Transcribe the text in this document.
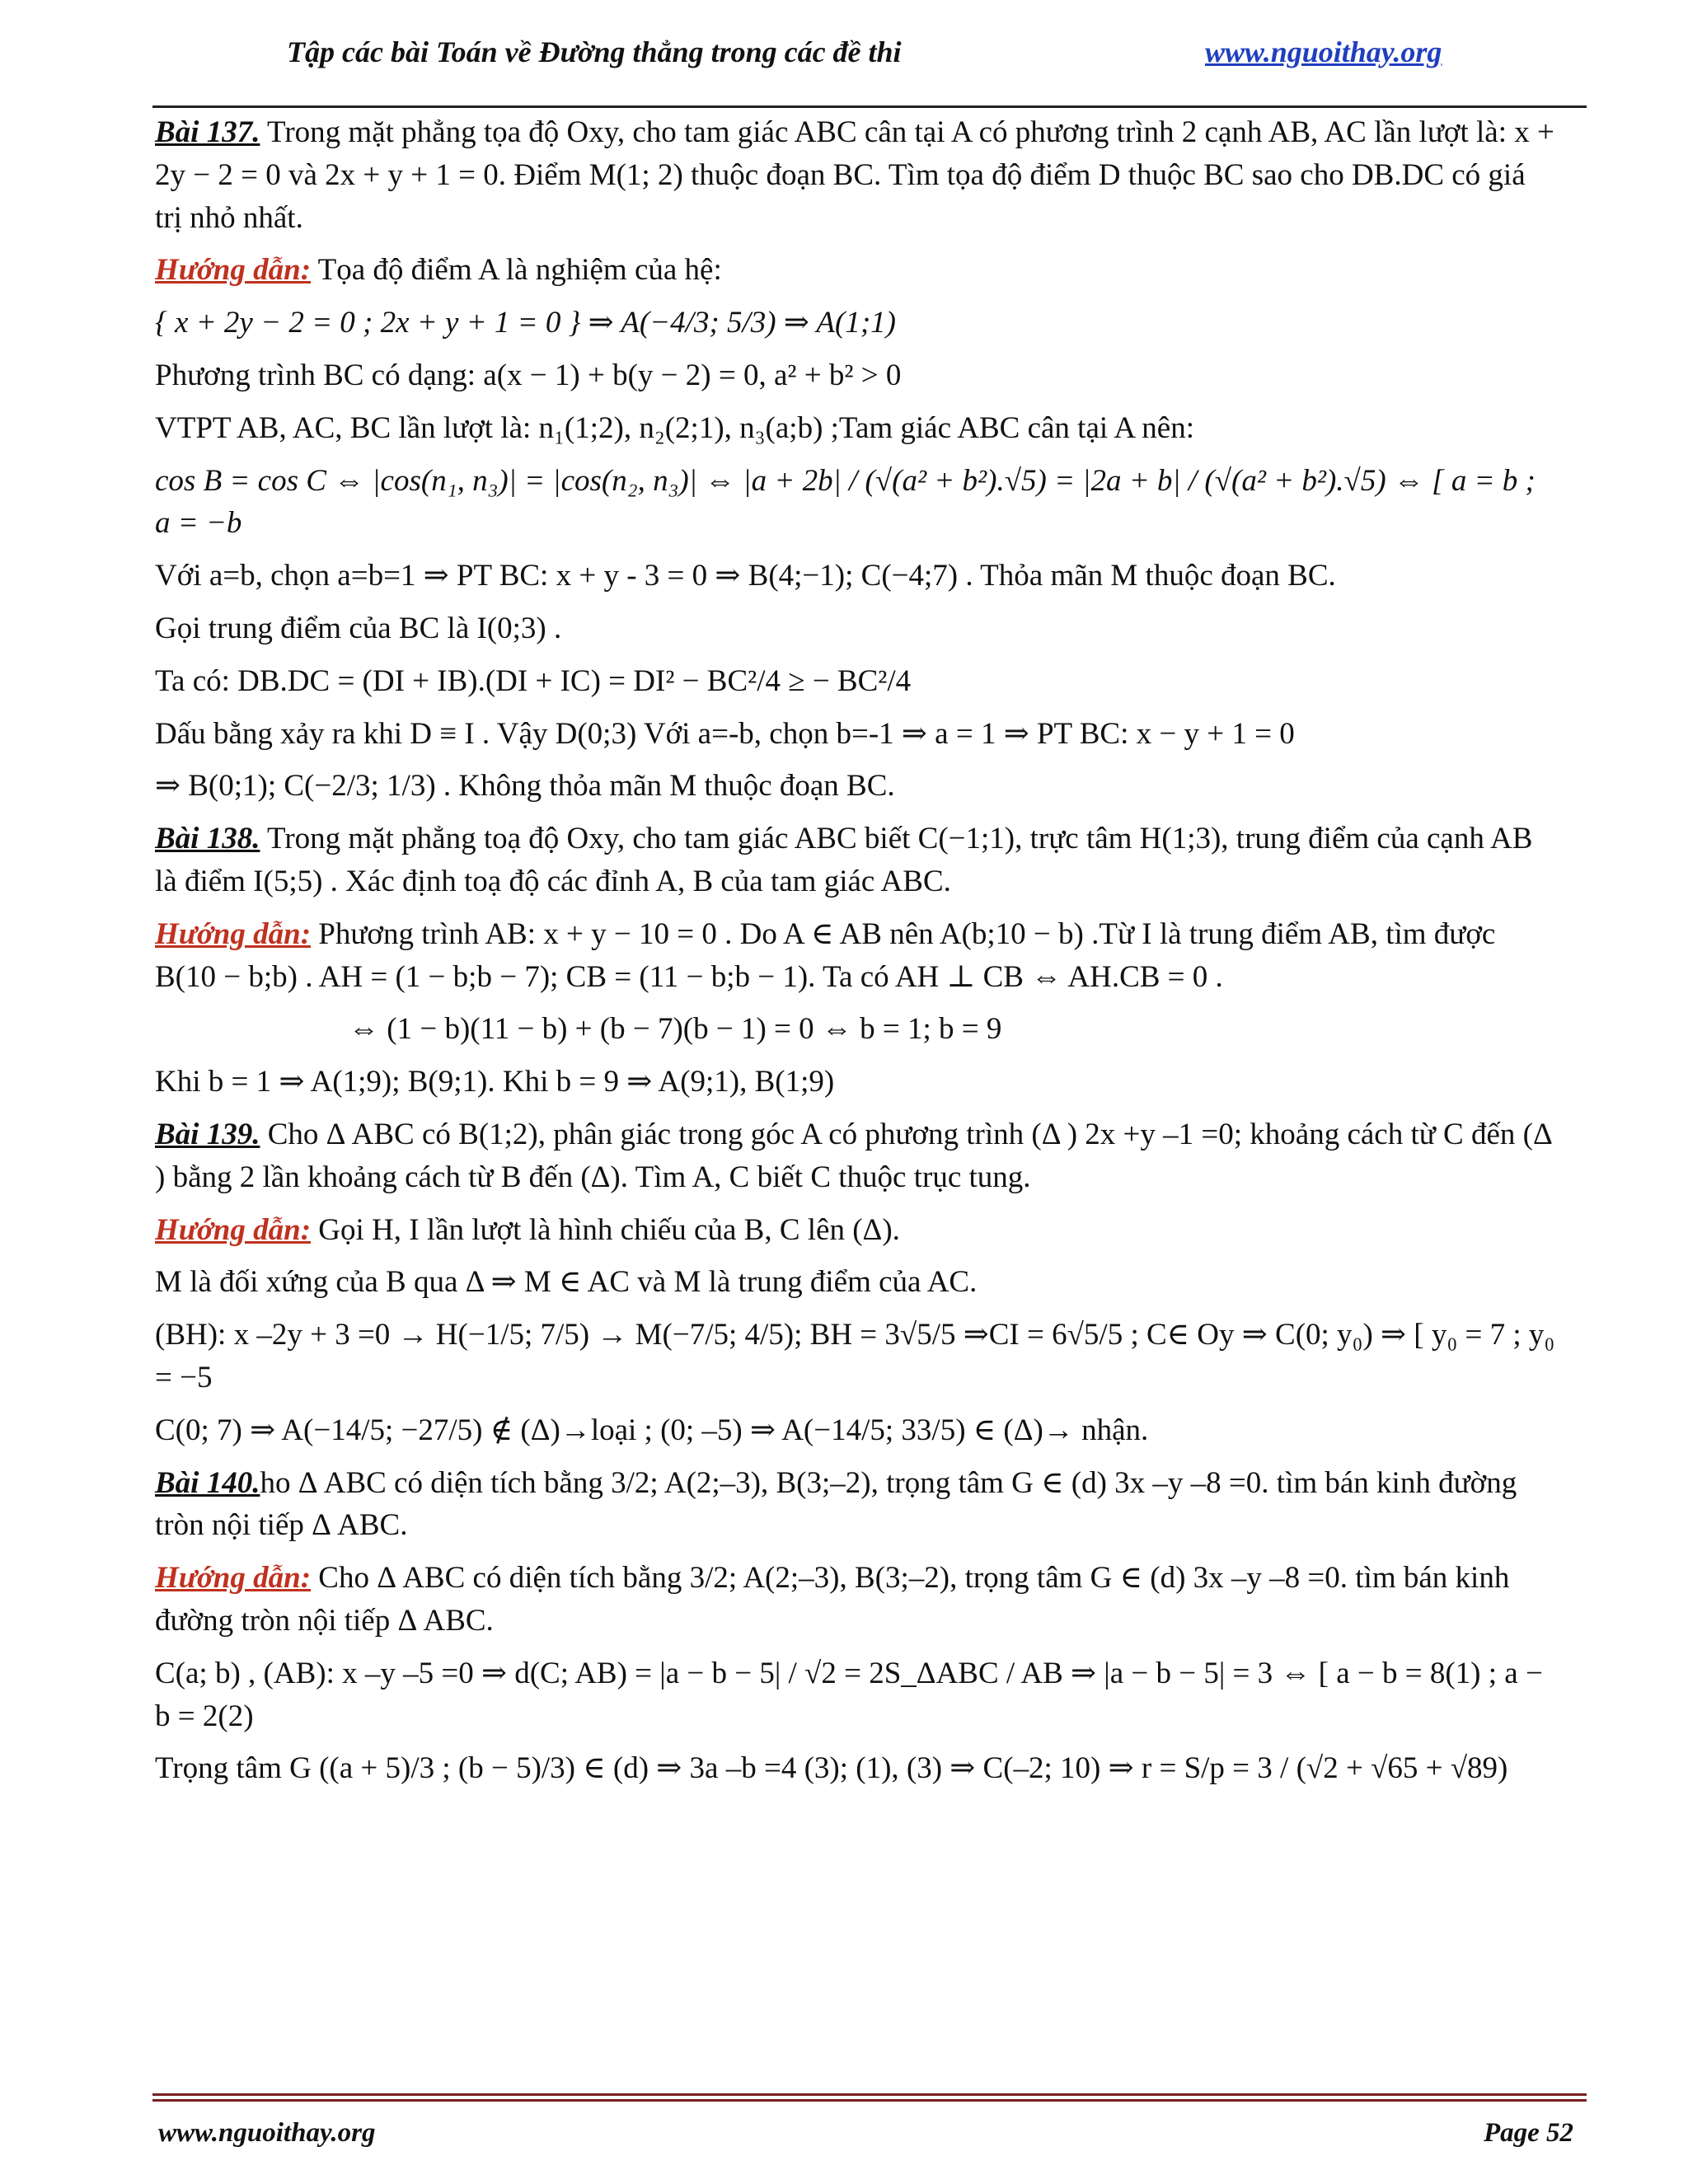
Tập các bài Toán về Đường thẳng trong các đề thi	www.nguoithay.org

Bài 137. Trong mặt phẳng tọa độ Oxy, cho tam giác ABC cân tại A có phương trình 2 cạnh AB, AC lần lượt là: x + 2y − 2 = 0 và 2x + y + 1 = 0. Điểm M(1; 2) thuộc đoạn BC. Tìm tọa độ điểm D thuộc BC sao cho DB.DC có giá trị nhỏ nhất.

Hướng dẫn: Tọa độ điểm A là nghiệm của hệ:

{ x + 2y − 2 = 0 ; 2x + y + 1 = 0 } ⇒ A(−4/3; 5/3) ⇒ A(1;1)

Phương trình BC có dạng: a(x − 1) + b(y − 2) = 0, a² + b² > 0

VTPT AB, AC, BC lần lượt là: n₁(1;2), n₂(2;1), n₃(a;b) ;Tam giác ABC cân tại A nên:

cos B = cos C ⇔ |cos(n₁, n₃)| = |cos(n₂, n₃)| ⇔ |a + 2b| / (√(a² + b²).√5) = |2a + b| / (√(a² + b²).√5) ⇔ [ a = b ; a = −b

Với a=b, chọn a=b=1 ⇒ PT BC: x + y - 3 = 0 ⇒ B(4;−1); C(−4;7) . Thỏa mãn M thuộc đoạn BC.

Gọi trung điểm của BC là I(0;3) .

Ta có: DB.DC = (DI + IB).(DI + IC) = DI² − BC²/4 ≥ − BC²/4

Dấu bằng xảy ra khi D ≡ I . Vậy D(0;3) Với a=-b, chọn b=-1 ⇒ a = 1 ⇒ PT BC: x − y + 1 = 0

⇒ B(0;1); C(−2/3; 1/3) . Không thỏa mãn M thuộc đoạn BC.

Bài 138. Trong mặt phẳng toạ độ Oxy, cho tam giác ABC biết C(−1;1), trực tâm H(1;3), trung điểm của cạnh AB là điểm I(5;5) . Xác định toạ độ các đỉnh A, B của tam giác ABC.

Hướng dẫn: Phương trình AB: x + y − 10 = 0 . Do A ∈ AB nên A(b;10 − b) .Từ I là trung điểm AB, tìm được B(10 − b;b) . AH = (1 − b;b − 7); CB = (11 − b;b − 1). Ta có AH ⊥ CB ⇔ AH.CB = 0 .

⇔ (1 − b)(11 − b) + (b − 7)(b − 1) = 0 ⇔ b = 1; b = 9

Khi b = 1 ⇒ A(1;9); B(9;1). Khi b = 9 ⇒ A(9;1), B(1;9)

Bài 139. Cho Δ ABC có B(1;2), phân giác trong góc A có phương trình (Δ ) 2x +y –1 =0; khoảng cách từ C đến (Δ ) bằng 2 lần khoảng cách từ B đến (Δ). Tìm A, C biết C thuộc trục tung.

Hướng dẫn: Gọi H, I lần lượt là hình chiếu của B, C lên (Δ).

M là đối xứng của B qua Δ ⇒ M ∈ AC và M là trung điểm của AC.

(BH): x –2y + 3 =0 → H(−1/5; 7/5) → M(−7/5; 4/5); BH = 3√5/5 ⇒CI = 6√5/5 ; C∈ Oy ⇒ C(0; y₀) ⇒ [ y₀ = 7 ; y₀ = −5

C(0; 7) ⇒ A(−14/5; −27/5) ∉ (Δ)→loại ; (0; –5) ⇒ A(−14/5; 33/5) ∈ (Δ)→ nhận.

Bài 140.ho Δ ABC có diện tích bằng 3/2; A(2;–3), B(3;–2), trọng tâm G ∈ (d) 3x –y –8 =0. tìm bán kinh đường tròn nội tiếp Δ ABC.

Hướng dẫn: Cho Δ ABC có diện tích bằng 3/2; A(2;–3), B(3;–2), trọng tâm G ∈ (d) 3x –y –8 =0. tìm bán kinh đường tròn nội tiếp Δ ABC.

C(a; b) , (AB): x –y –5 =0 ⇒ d(C; AB) = |a − b − 5| / √2 = 2S_ΔABC / AB ⇒ |a − b − 5| = 3 ⇔ [ a − b = 8(1) ; a − b = 2(2)

Trọng tâm G ((a + 5)/3 ; (b − 5)/3) ∈ (d) ⇒ 3a –b =4 (3); (1), (3) ⇒ C(–2; 10) ⇒ r = S/p = 3 / (√2 + √65 + √89)

www.nguoithay.org	Page 52
